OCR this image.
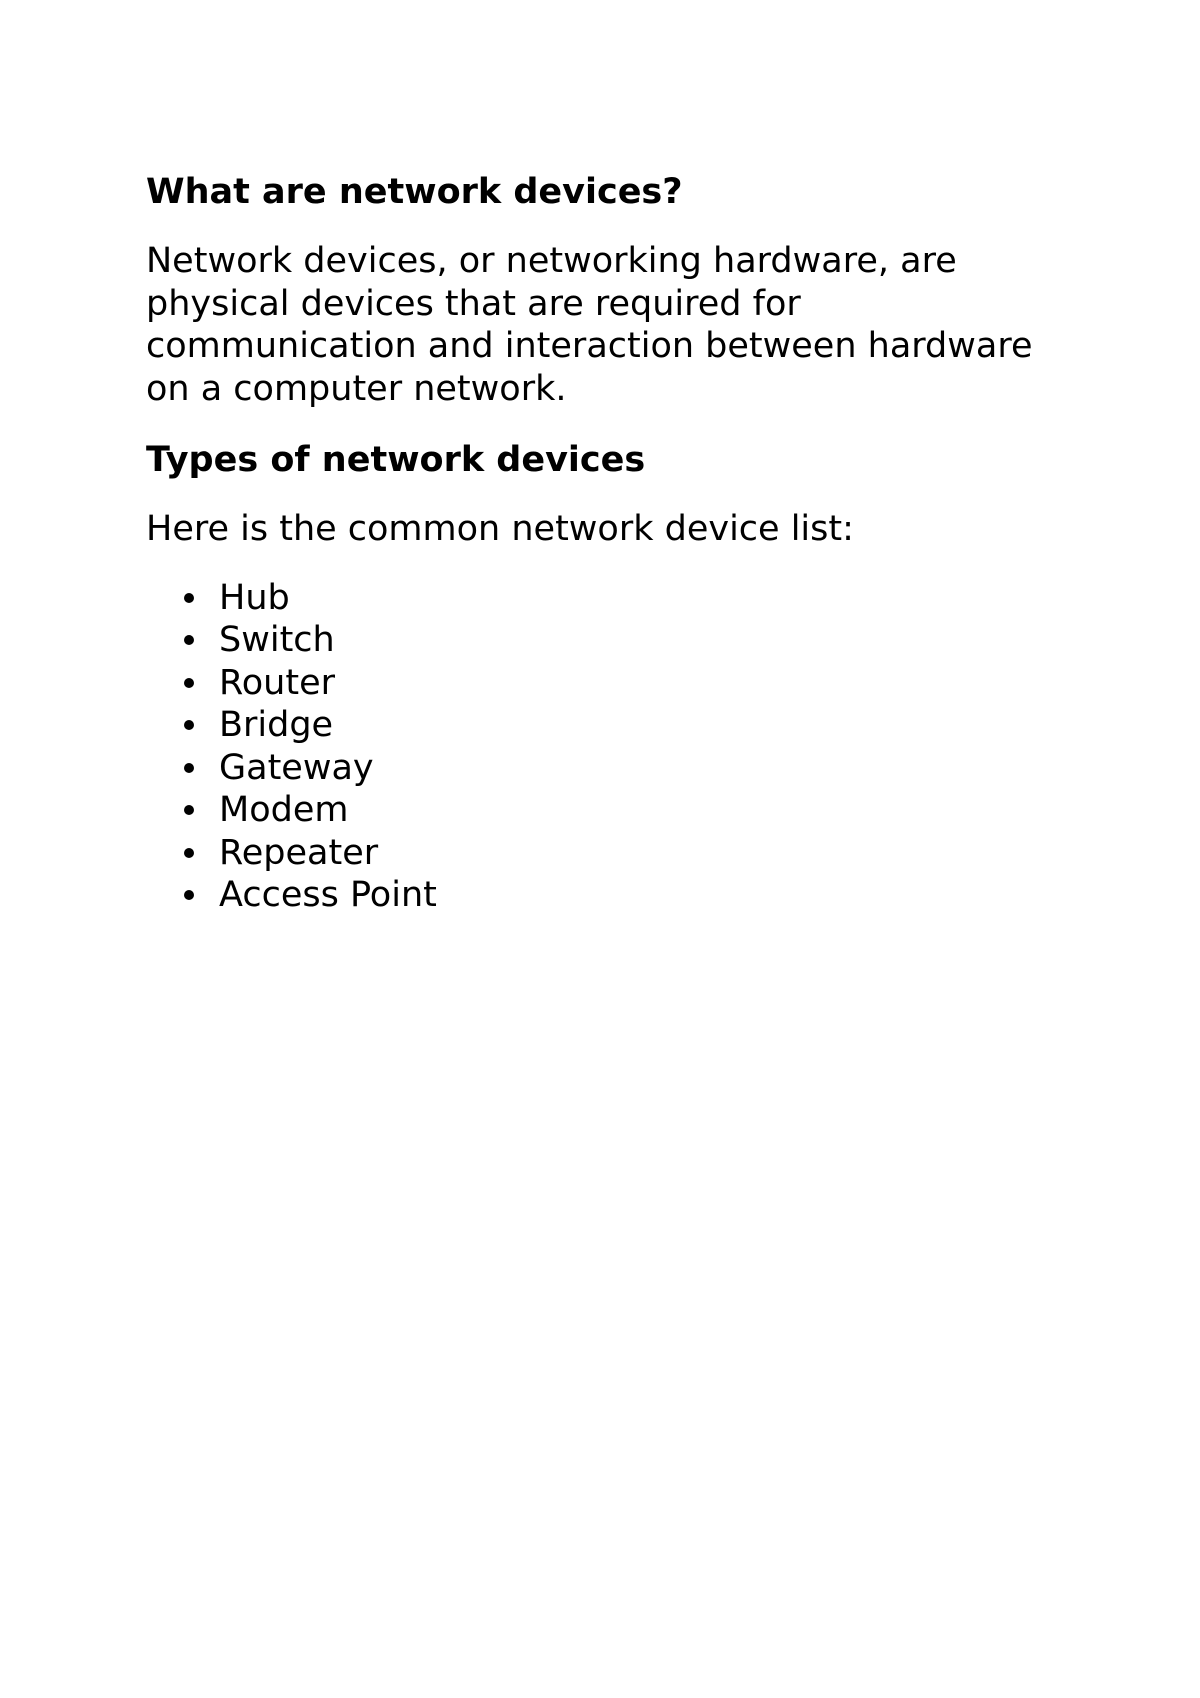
What are network devices?

Network devices, or networking hardware, are physical devices that are required for communication and interaction between hardware on a computer network.

Types of network devices

Here is the common network device list:

Hub
Switch
Router
Bridge
Gateway
Modem
Repeater
Access Point
